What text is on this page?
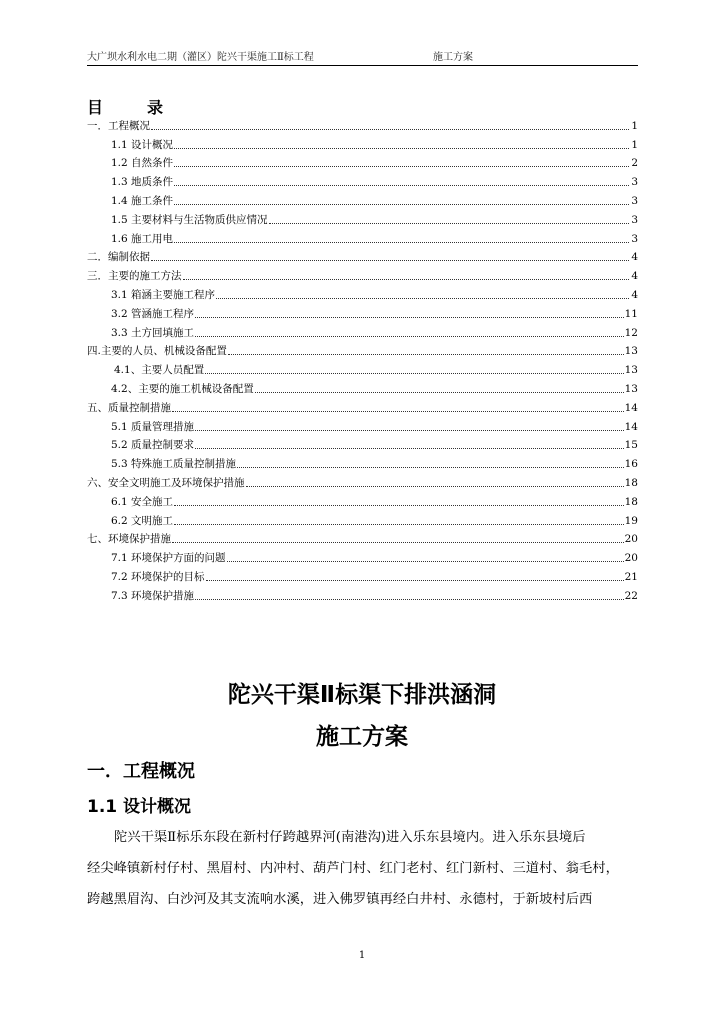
大广坝水利水电二期（灌区）陀兴干渠施工Ⅱ标工程	施工方案
目　录
一．工程概况	1
1.1 设计概况	1
1.2 自然条件	2
1.3 地质条件	3
1.4 施工条件	3
1.5 主要材料与生活物质供应情况	3
1.6 施工用电	3
二．编制依据	4
三．主要的施工方法	4
3.1 箱涵主要施工程序	4
3.2 管涵施工程序	11
3.3 土方回填施工	12
四.主要的人员、机械设备配置	13
4.1、主要人员配置	13
4.2、主要的施工机械设备配置	13
五、质量控制措施	14
5.1 质量管理措施	14
5.2 质量控制要求	15
5.3 特殊施工质量控制措施	16
六、安全文明施工及环境保护措施	18
6.1 安全施工	18
6.2 文明施工	19
七、环境保护措施	20
7.1 环境保护方面的问题	20
7.2 环境保护的目标	21
7.3 环境保护措施	22
陀兴干渠Ⅱ标渠下排洪涵洞
施工方案
一．工程概况
1.1 设计概况
陀兴干渠Ⅱ标乐东段在新村仔跨越界河(南港沟)进入乐东县境内。进入乐东县境后
经尖峰镇新村仔村、黑眉村、内冲村、葫芦门村、红门老村、红门新村、三道村、翁毛村，
跨越黑眉沟、白沙河及其支流响水溪，进入佛罗镇再经白井村、永德村，于新坡村后西
1
